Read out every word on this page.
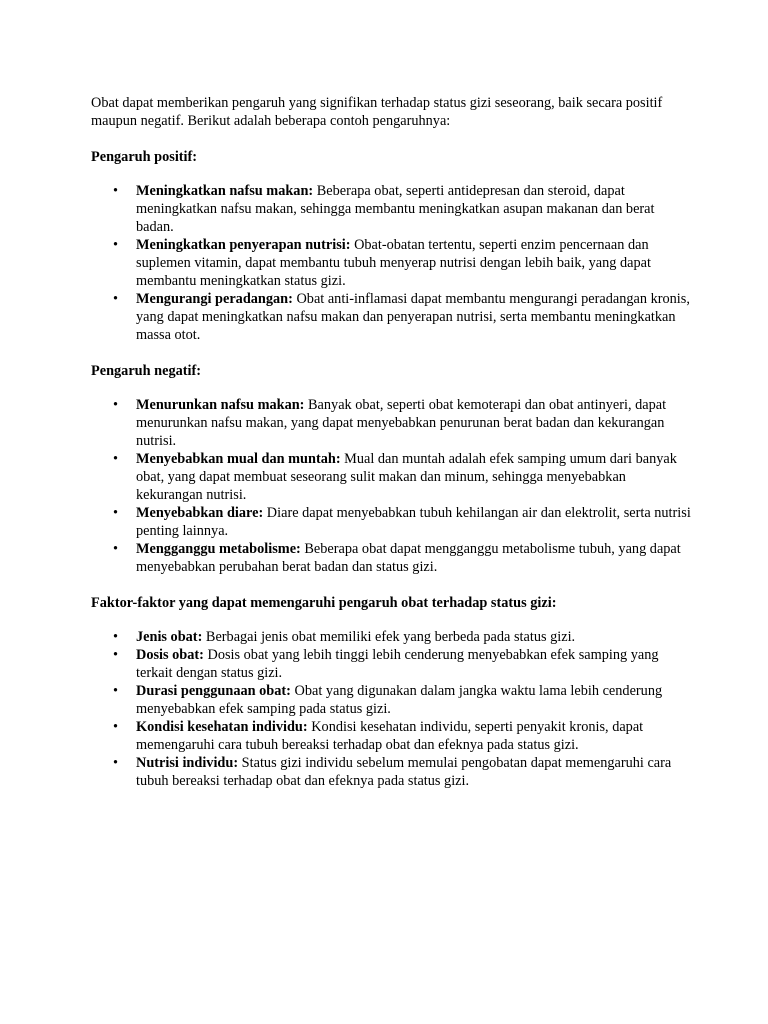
Obat dapat memberikan pengaruh yang signifikan terhadap status gizi seseorang, baik secara positif maupun negatif. Berikut adalah beberapa contoh pengaruhnya:

Pengaruh positif:

• Meningkatkan nafsu makan: Beberapa obat, seperti antidepresan dan steroid, dapat meningkatkan nafsu makan, sehingga membantu meningkatkan asupan makanan dan berat badan.
• Meningkatkan penyerapan nutrisi: Obat-obatan tertentu, seperti enzim pencernaan dan suplemen vitamin, dapat membantu tubuh menyerap nutrisi dengan lebih baik, yang dapat membantu meningkatkan status gizi.
• Mengurangi peradangan: Obat anti-inflamasi dapat membantu mengurangi peradangan kronis, yang dapat meningkatkan nafsu makan dan penyerapan nutrisi, serta membantu meningkatkan massa otot.

Pengaruh negatif:

• Menurunkan nafsu makan: Banyak obat, seperti obat kemoterapi dan obat antinyeri, dapat menurunkan nafsu makan, yang dapat menyebabkan penurunan berat badan dan kekurangan nutrisi.
• Menyebabkan mual dan muntah: Mual dan muntah adalah efek samping umum dari banyak obat, yang dapat membuat seseorang sulit makan dan minum, sehingga menyebabkan kekurangan nutrisi.
• Menyebabkan diare: Diare dapat menyebabkan tubuh kehilangan air dan elektrolit, serta nutrisi penting lainnya.
• Mengganggu metabolisme: Beberapa obat dapat mengganggu metabolisme tubuh, yang dapat menyebabkan perubahan berat badan dan status gizi.

Faktor-faktor yang dapat memengaruhi pengaruh obat terhadap status gizi:

• Jenis obat: Berbagai jenis obat memiliki efek yang berbeda pada status gizi.
• Dosis obat: Dosis obat yang lebih tinggi lebih cenderung menyebabkan efek samping yang terkait dengan status gizi.
• Durasi penggunaan obat: Obat yang digunakan dalam jangka waktu lama lebih cenderung menyebabkan efek samping pada status gizi.
• Kondisi kesehatan individu: Kondisi kesehatan individu, seperti penyakit kronis, dapat memengaruhi cara tubuh bereaksi terhadap obat dan efeknya pada status gizi.
• Nutrisi individu: Status gizi individu sebelum memulai pengobatan dapat memengaruhi cara tubuh bereaksi terhadap obat dan efeknya pada status gizi.
